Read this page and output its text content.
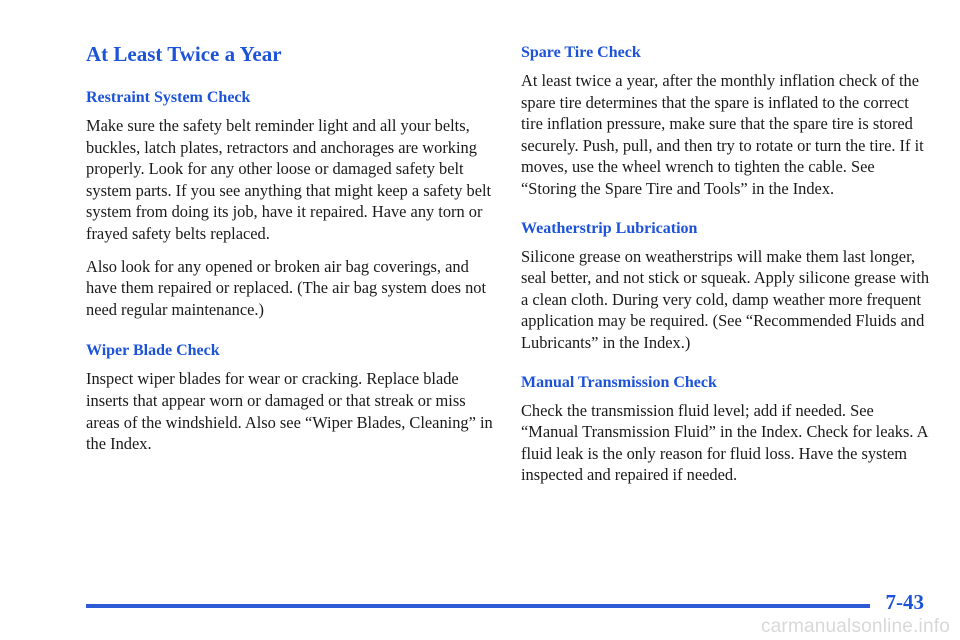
At Least Twice a Year
Restraint System Check

Make sure the safety belt reminder light and all your belts, buckles, latch plates, retractors and anchorages are working properly. Look for any other loose or damaged safety belt system parts. If you see anything that might keep a safety belt system from doing its job, have it repaired. Have any torn or frayed safety belts replaced.

Also look for any opened or broken air bag coverings, and have them repaired or replaced. (The air bag system does not need regular maintenance.)

Wiper Blade Check

Inspect wiper blades for wear or cracking. Replace blade inserts that appear worn or damaged or that streak or miss areas of the windshield. Also see “Wiper Blades, Cleaning” in the Index.

Spare Tire Check

At least twice a year, after the monthly inflation check of the spare tire determines that the spare is inflated to the correct tire inflation pressure, make sure that the spare tire is stored securely. Push, pull, and then try to rotate or turn the tire. If it moves, use the wheel wrench to tighten the cable. See “Storing the Spare Tire and Tools” in the Index.

Weatherstrip Lubrication

Silicone grease on weatherstrips will make them last longer, seal better, and not stick or squeak. Apply silicone grease with a clean cloth. During very cold, damp weather more frequent application may be required. (See “Recommended Fluids and Lubricants” in the Index.)

Manual Transmission Check

Check the transmission fluid level; add if needed. See “Manual Transmission Fluid” in the Index. Check for leaks. A fluid leak is the only reason for fluid loss. Have the system inspected and repaired if needed.

7-43
carmanualsonline.info
